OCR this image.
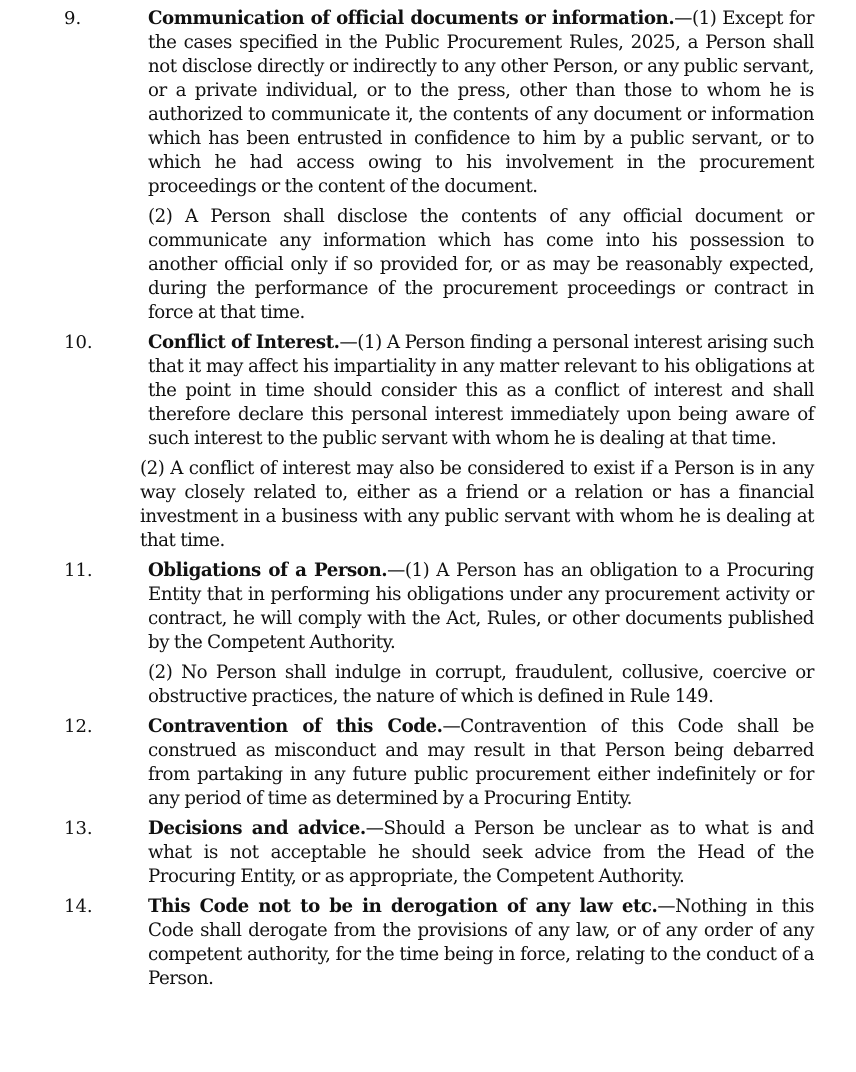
9.	Communication of official documents or information.—(1) Except for the cases specified in the Public Procurement Rules, 2025, a Person shall not disclose directly or indirectly to any other Person, or any public servant, or a private individual, or to the press, other than those to whom he is authorized to communicate it, the contents of any document or information which has been entrusted in confidence to him by a public servant, or to which he had access owing to his involvement in the procurement proceedings or the content of the document.

(2) A Person shall disclose the contents of any official document or communicate any information which has come into his possession to another official only if so provided for, or as may be reasonably expected, during the performance of the procurement proceedings or contract in force at that time.

10.	Conflict of Interest.—(1) A Person finding a personal interest arising such that it may affect his impartiality in any matter relevant to his obligations at the point in time should consider this as a conflict of interest and shall therefore declare this personal interest immediately upon being aware of such interest to the public servant with whom he is dealing at that time.

(2) A conflict of interest may also be considered to exist if a Person is in any way closely related to, either as a friend or a relation or has a financial investment in a business with any public servant with whom he is dealing at that time.

11.	Obligations of a Person.—(1) A Person has an obligation to a Procuring Entity that in performing his obligations under any procurement activity or contract, he will comply with the Act, Rules, or other documents published by the Competent Authority.

(2) No Person shall indulge in corrupt, fraudulent, collusive, coercive or obstructive practices, the nature of which is defined in Rule 149.

12.	Contravention of this Code.—Contravention of this Code shall be construed as misconduct and may result in that Person being debarred from partaking in any future public procurement either indefinitely or for any period of time as determined by a Procuring Entity.

13.	Decisions and advice.—Should a Person be unclear as to what is and what is not acceptable he should seek advice from the Head of the Procuring Entity, or as appropriate, the Competent Authority.

14.	This Code not to be in derogation of any law etc.—Nothing in this Code shall derogate from the provisions of any law, or of any order of any competent authority, for the time being in force, relating to the conduct of a Person.
